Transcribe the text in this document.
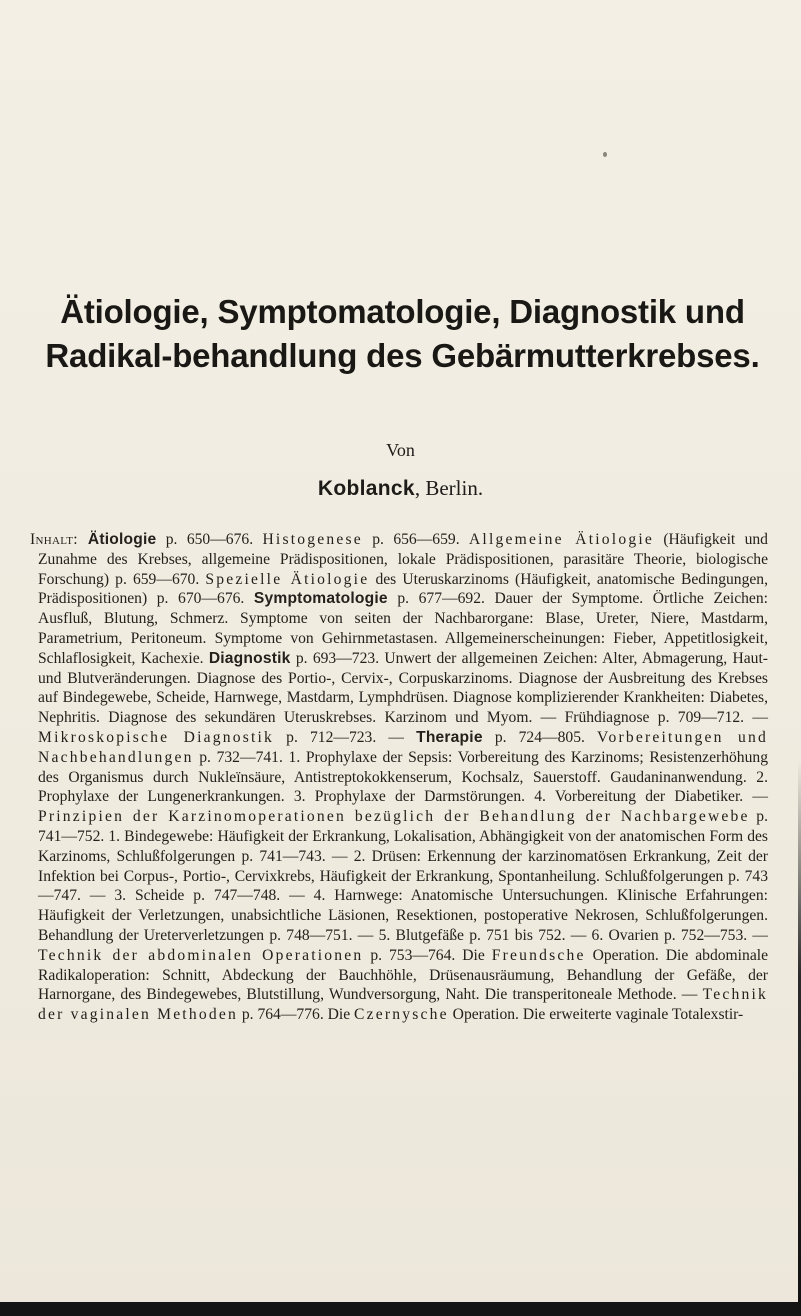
Ätiologie, Symptomatologie, Diagnostik und Radikal-behandlung des Gebärmutterkrebses.
Von
Koblanck, Berlin.

Inhalt: Ätiologie p. 650—676. Histogenese p. 656—659. Allgemeine Ätiologie (Häufigkeit und Zunahme des Krebses, allgemeine Prädispositionen, lokale Prädispositionen, parasitäre Theorie, biologische Forschung) p. 659—670. Spezielle Ätiologie des Uteruskarzinoms (Häufigkeit, anatomische Bedingungen, Prädispositionen) p. 670—676. Symptomatologie p. 677—692. Dauer der Symptome. Örtliche Zeichen: Ausfluß, Blutung, Schmerz. Symptome von seiten der Nachbarorgane: Blase, Ureter, Niere, Mastdarm, Parametrium, Peritoneum. Symptome von Gehirnmetastasen. Allgemeinerscheinungen: Fieber, Appetitlosigkeit, Schlaflosigkeit, Kachexie. Diagnostik p. 693—723. Unwert der allgemeinen Zeichen: Alter, Abmagerung, Haut- und Blutveränderungen. Diagnose des Portio-, Cervix-, Corpuskarzinoms. Diagnose der Ausbreitung des Krebses auf Bindegewebe, Scheide, Harnwege, Mastdarm, Lymphdrüsen. Diagnose komplizierender Krankheiten: Diabetes, Nephritis. Diagnose des sekundären Uteruskrebses. Karzinom und Myom. — Frühdiagnose p. 709—712. — Mikroskopische Diagnostik p. 712—723. — Therapie p. 724—805. Vorbereitungen und Nachbehandlungen p. 732—741. 1. Prophylaxe der Sepsis: Vorbereitung des Karzinoms; Resistenzerhöhung des Organismus durch Nukleïnsäure, Antistreptokokkenserum, Kochsalz, Sauerstoff. Gaudaninanwendung. 2. Prophylaxe der Lungenerkrankungen. 3. Prophylaxe der Darmstörungen. 4. Vorbereitung der Diabetiker. — Prinzipien der Karzinomoperationen bezüglich der Behandlung der Nachbargewebe p. 741—752. 1. Bindegewebe: Häufigkeit der Erkrankung, Lokalisation, Abhängigkeit von der anatomischen Form des Karzinoms, Schlußfolgerungen p. 741—743. — 2. Drüsen: Erkennung der karzinomatösen Erkrankung, Zeit der Infektion bei Corpus-, Portio-, Cervixkrebs, Häufigkeit der Erkrankung, Spontanheilung. Schlußfolgerungen p. 743—747. — 3. Scheide p. 747—748. — 4. Harnwege: Anatomische Untersuchungen. Klinische Erfahrungen: Häufigkeit der Verletzungen, unabsichtliche Läsionen, Resektionen, postoperative Nekrosen, Schlußfolgerungen. Behandlung der Ureterverletzungen p. 748—751. — 5. Blutgefäße p. 751 bis 752. — 6. Ovarien p. 752—753. — Technik der abdominalen Operationen p. 753—764. Die Freundsche Operation. Die abdominale Radikaloperation: Schnitt, Abdeckung der Bauchhöhle, Drüsenausräumung, Behandlung der Gefäße, der Harnorgane, des Bindegewebes, Blutstillung, Wundversorgung, Naht. Die transperitoneale Methode. — Technik der vaginalen Methoden p. 764—776. Die Czernysche Operation. Die erweiterte vaginale Totalexstir-
